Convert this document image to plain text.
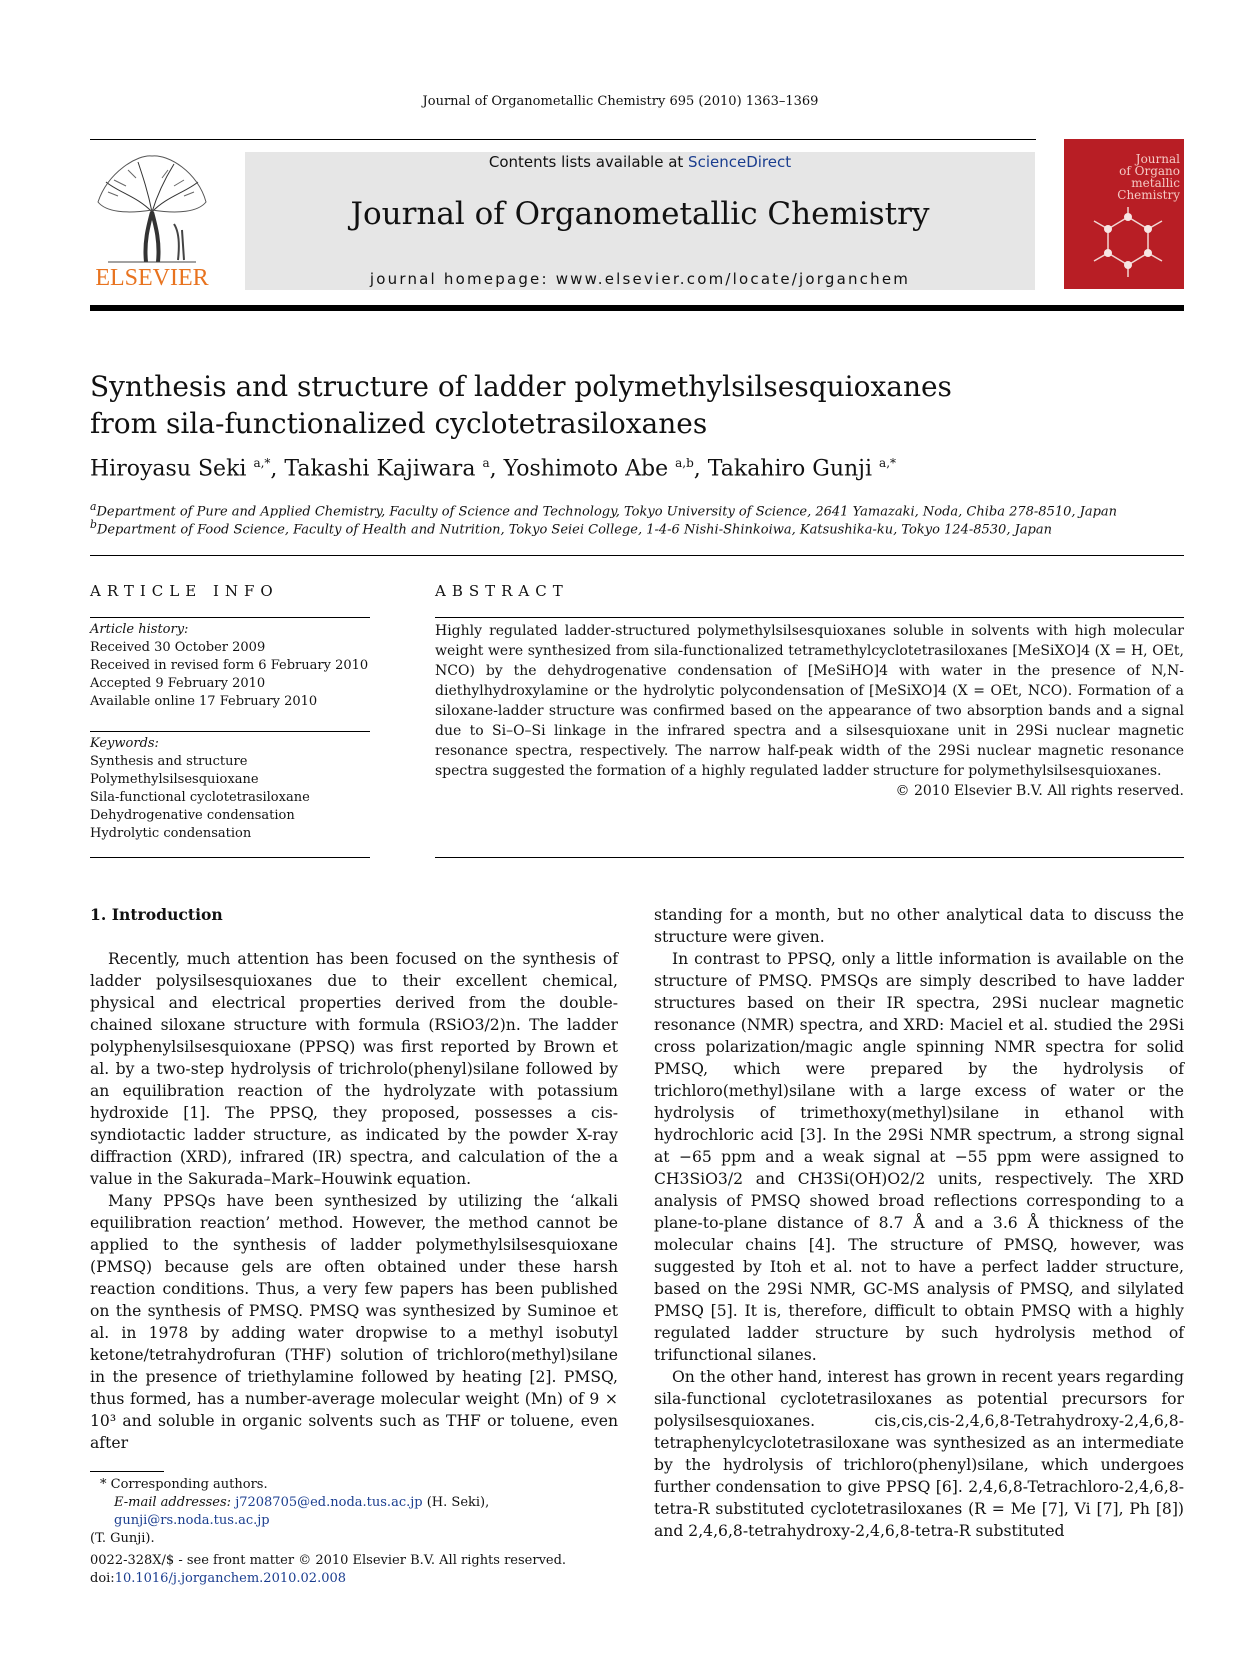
Journal of Organometallic Chemistry 695 (2010) 1363–1369
ELSEVIER
Contents lists available at ScienceDirect
Journal of Organometallic Chemistry
journal homepage: www.elsevier.com/locate/jorganchem
Journal
of Organo
metallic
Chemistry
Synthesis and structure of ladder polymethylsilsesquioxanes
from sila-functionalized cyclotetrasiloxanes
Hiroyasu Seki $^{a,*}$, Takashi Kajiwara $^a$, Yoshimoto Abe $^{a,b}$, Takahiro Gunji $^{a,*}$
$^a$Department of Pure and Applied Chemistry, Faculty of Science and Technology, Tokyo University of Science, 2641 Yamazaki, Noda, Chiba 278-8510, Japan
$^b$Department of Food Science, Faculty of Health and Nutrition, Tokyo Seiei College, 1-4-6 Nishi-Shinkoiwa, Katsushika-ku, Tokyo 124-8530, Japan
ARTICLE INFO	ABSTRACT
Article history:
Received 30 October 2009
Received in revised form 6 February 2010
Accepted 9 February 2010
Available online 17 February 2010
Keywords:
Synthesis and structure
Polymethylsilsesquioxane
Sila-functional cyclotetrasiloxane
Dehydrogenative condensation
Hydrolytic condensation
Highly regulated ladder-structured polymethylsilsesquioxanes soluble in solvents with high molecular weight were synthesized from sila-functionalized tetramethylcyclotetrasiloxanes [MeSiXO]4 (X = H, OEt, NCO) by the dehydrogenative condensation of [MeSiHO]4 with water in the presence of N,N-diethylhydroxylamine or the hydrolytic polycondensation of [MeSiXO]4 (X = OEt, NCO). Formation of a siloxane-ladder structure was confirmed based on the appearance of two absorption bands and a signal due to Si–O–Si linkage in the infrared spectra and a silsesquioxane unit in 29Si nuclear magnetic resonance spectra, respectively. The narrow half-peak width of the 29Si nuclear magnetic resonance spectra suggested the formation of a highly regulated ladder structure for polymethylsilsesquioxanes.
© 2010 Elsevier B.V. All rights reserved.
1. Introduction

Recently, much attention has been focused on the synthesis of ladder polysilsesquioxanes due to their excellent chemical, physical and electrical properties derived from the double-chained siloxane structure with formula (RSiO3/2)n. The ladder polyphenylsilsesquioxane (PPSQ) was first reported by Brown et al. by a two-step hydrolysis of trichrolo(phenyl)silane followed by an equilibration reaction of the hydrolyzate with potassium hydroxide [1]. The PPSQ, they proposed, possesses a cis-syndiotactic ladder structure, as indicated by the powder X-ray diffraction (XRD), infrared (IR) spectra, and calculation of the a value in the Sakurada–Mark–Houwink equation.

Many PPSQs have been synthesized by utilizing the ‘alkali equilibration reaction’ method. However, the method cannot be applied to the synthesis of ladder polymethylsilsesquioxane (PMSQ) because gels are often obtained under these harsh reaction conditions. Thus, a very few papers has been published on the synthesis of PMSQ. PMSQ was synthesized by Suminoe et al. in 1978 by adding water dropwise to a methyl isobutyl ketone/tetrahydrofuran (THF) solution of trichloro(methyl)silane in the presence of triethylamine followed by heating [2]. PMSQ, thus formed, has a number-average molecular weight (Mn) of 9 × 10³ and soluble in organic solvents such as THF or toluene, even after

standing for a month, but no other analytical data to discuss the structure were given.

In contrast to PPSQ, only a little information is available on the structure of PMSQ. PMSQs are simply described to have ladder structures based on their IR spectra, 29Si nuclear magnetic resonance (NMR) spectra, and XRD: Maciel et al. studied the 29Si cross polarization/magic angle spinning NMR spectra for solid PMSQ, which were prepared by the hydrolysis of trichloro(methyl)silane with a large excess of water or the hydrolysis of trimethoxy(methyl)silane in ethanol with hydrochloric acid [3]. In the 29Si NMR spectrum, a strong signal at −65 ppm and a weak signal at −55 ppm were assigned to CH3SiO3/2 and CH3Si(OH)O2/2 units, respectively. The XRD analysis of PMSQ showed broad reflections corresponding to a plane-to-plane distance of 8.7 Å and a 3.6 Å thickness of the molecular chains [4]. The structure of PMSQ, however, was suggested by Itoh et al. not to have a perfect ladder structure, based on the 29Si NMR, GC-MS analysis of PMSQ, and silylated PMSQ [5]. It is, therefore, difficult to obtain PMSQ with a highly regulated ladder structure by such hydrolysis method of trifunctional silanes.

On the other hand, interest has grown in recent years regarding sila-functional cyclotetrasiloxanes as potential precursors for polysilsesquioxanes. cis,cis,cis-2,4,6,8-Tetrahydroxy-2,4,6,8-tetraphenylcyclotetrasiloxane was synthesized as an intermediate by the hydrolysis of trichloro(phenyl)silane, which undergoes further condensation to give PPSQ [6]. 2,4,6,8-Tetrachloro-2,4,6,8-tetra-R substituted cyclotetrasiloxanes (R = Me [7], Vi [7], Ph [8]) and 2,4,6,8-tetrahydroxy-2,4,6,8-tetra-R substituted

* Corresponding authors.
E-mail addresses: j7208705@ed.noda.tus.ac.jp (H. Seki), gunji@rs.noda.tus.ac.jp
(T. Gunji).
0022-328X/$ - see front matter © 2010 Elsevier B.V. All rights reserved.
doi:10.1016/j.jorganchem.2010.02.008
